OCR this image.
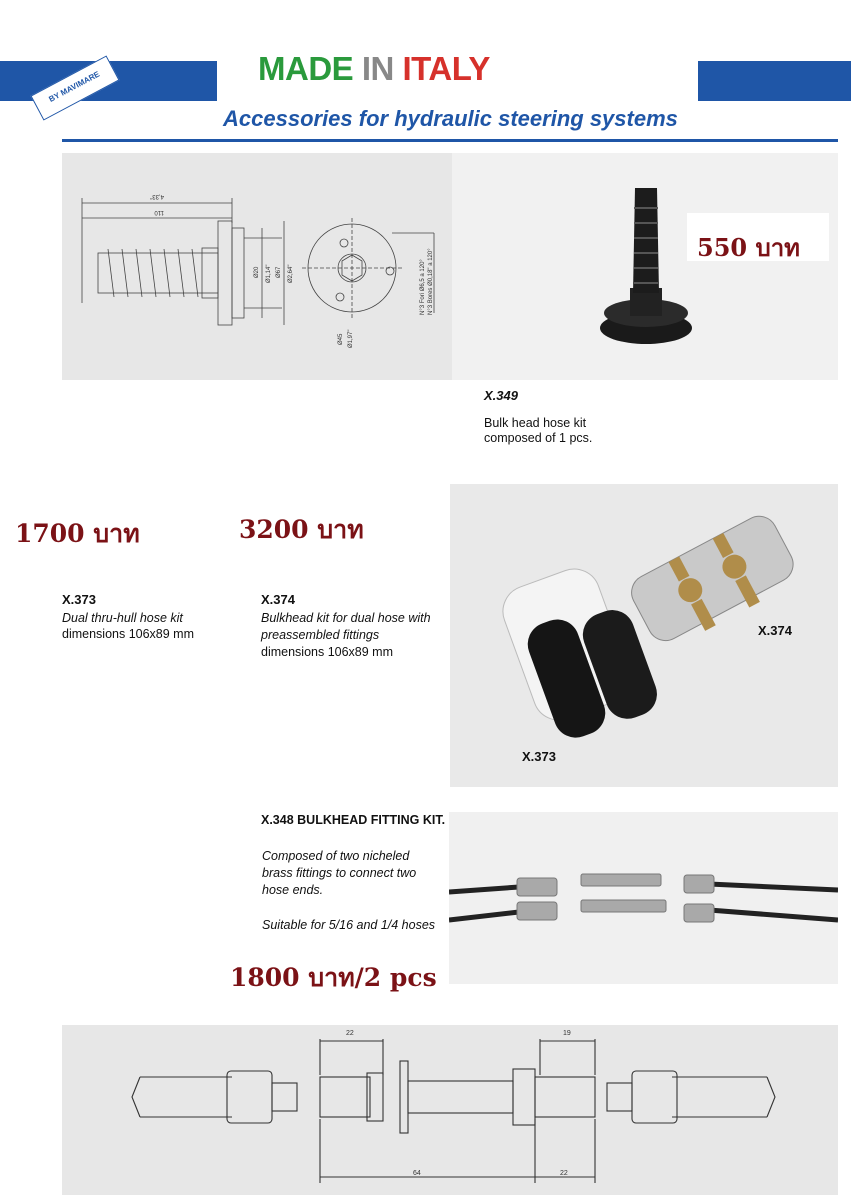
BY MAVIMARE	MADE IN ITALY
Accessories for hydraulic steering systems
4,33"
110
Ø20 Ø1,14" Ø67 Ø2,64"	N°3 Fori Ø6,5 a 120° N°3 Bores Ø0,18" a 120°
Ø45 Ø1,97"
550 บาท
X.349
Bulk head hose kit
composed of 1 pcs.
1700 บาท	3200 บาท
X.373
Dual thru-hull hose kit
dimensions 106x89 mm
X.374
Bulkhead kit for dual hose with
preassembled fittings
dimensions 106x89 mm
X.374
X.373
X.348 BULKHEAD FITTING KIT.
Composed of two nicheled
brass fittings to connect two
hose ends.
Suitable for 5/16 and 1/4 hoses
1800 บาท/2 pcs
22	19
64	22
